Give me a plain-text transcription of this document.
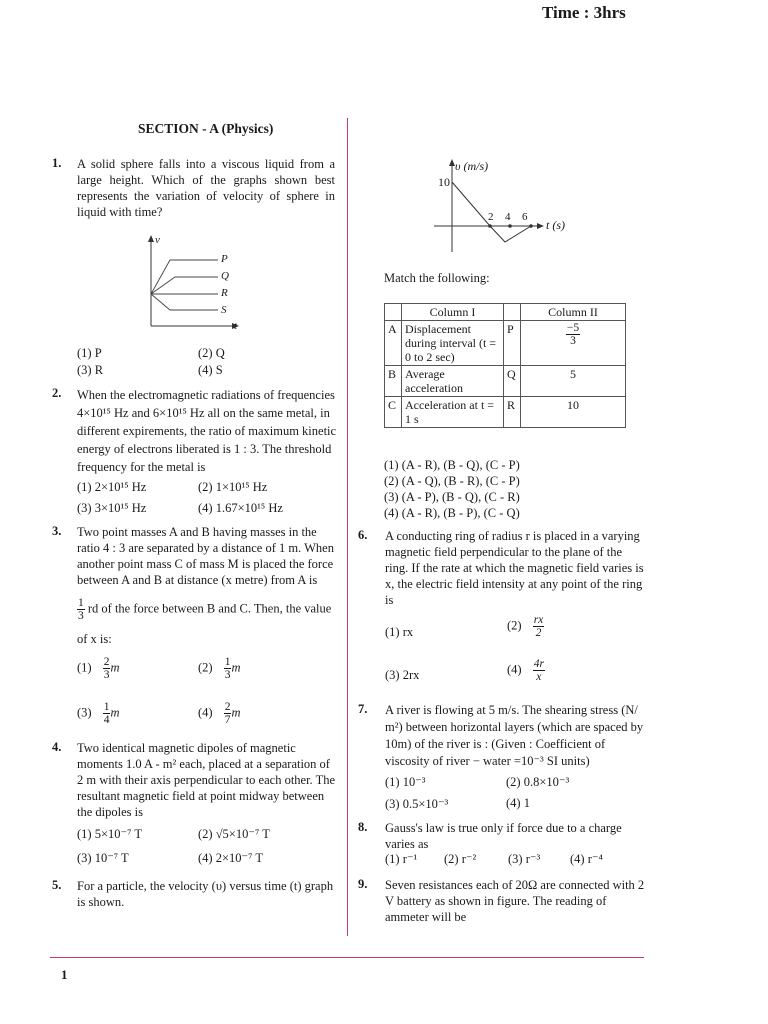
Time : 3hrs
SECTION - A (Physics)
1. A solid sphere falls into a viscous liquid from a large height. Which of the graphs shown best represents the variation of velocity of sphere in liquid with time?
v
t
P
Q
R
S
(1) P	(2) Q
(3) R	(4) S
2. When the electromagnetic radiations of frequencies 4×10¹⁵ Hz and 6×10¹⁵ Hz all on the same metal, in different expirements, the ratio of maximum kinetic energy of electrons liberated is 1 : 3. The threshold frequency for the metal is
(1) 2×10¹⁵ Hz	(2) 1×10¹⁵ Hz
(3) 3×10¹⁵ Hz	(4) 1.67×10¹⁵ Hz
3. Two point masses A and B having masses in the ratio 4 : 3 are separated by a distance of 1 m. When another point mass C of mass M is placed the force between A and B at distance (x metre) from A is
$\frac{1}{3}$ rd of the force between B and C. Then, the value
of x is:
$(1) \frac{2}{3}$ m	$(2) \frac{1}{3}$ m
$(3) \frac{1}{4}$ m	$(4) \frac{2}{7}$ m
4. Two identical magnetic dipoles of magnetic moments 1.0 A - m² each, placed at a separation of 2 m with their axis perpendicular to each other. The resultant magnetic field at point midway between the dipoles is
(1) 5×10⁻⁷ T	(2) √5×10⁻⁷ T
(3) 10⁻⁷ T	(4) 2×10⁻⁷ T
5. For a particle, the velocity (υ) versus time (t) graph is shown.
υ (m/s)
t (s)
10
2 4 6
Match the following:
	Column I		Column II
A	Displacement during interval (t = 0 to 2 sec)	P	$\frac{-5}{3}$

B	Average acceleration	Q	5
C	Acceleration at t = 1 s	R	10
(1) (A - R), (B - Q), (C - P)
(2) (A - Q), (B - R), (C - P)
(3) (A - P), (B - Q), (C - R)
(4) (A - R), (B - P), (C - Q)
6. A conducting ring of radius r is placed in a varying magnetic field perpendicular to the plane of the ring. If the rate at which the magnetic field varies is x, the electric field intensity at any point of the ring is
(1) rx	$(2) \frac{rx}{2}$
(3) 2rx	$(4) \frac{4r}{x}$
7. A river is flowing at 5 m/s. The shearing stress (N/ m²) between horizontal layers (which are spaced by 10m) of the river is : (Given : Coefficient of viscosity of river − water =10⁻³ SI units)
(1) 10⁻³	(2) 0.8×10⁻³
(3) 0.5×10⁻³	(4) 1
8. Gauss's law is true only if force due to a charge varies as
(1) r⁻¹ (2) r⁻²	(3) r⁻³ (4) r⁻⁴
9. Seven resistances each of 20Ω are connected with 2 V battery as shown in figure. The reading of ammeter will be
1
